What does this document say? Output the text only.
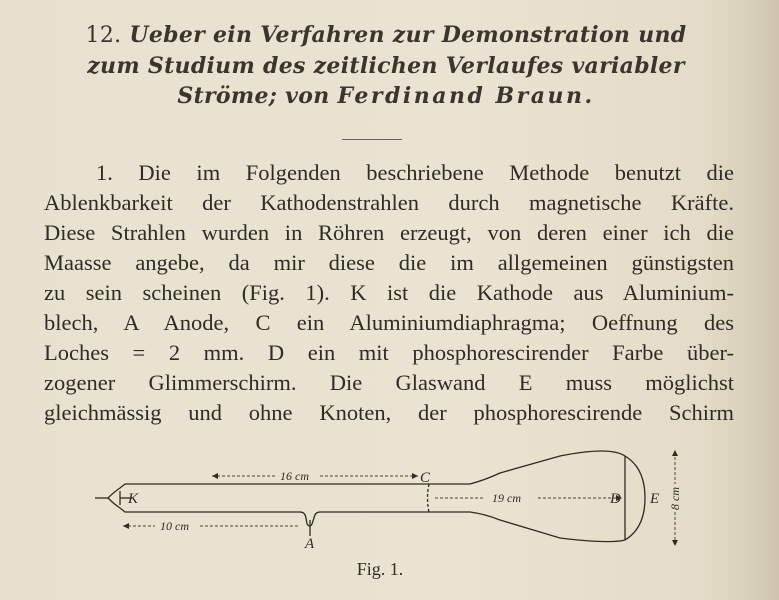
12. Ueber ein Verfahren zur Demonstration und
zum Studium des zeitlichen Verlaufes variabler
Ströme; von Ferdinand Braun.
1. Die im Folgenden beschriebene Methode benutzt die
Ablenkbarkeit der Kathodenstrahlen durch magnetische Kräfte.
Diese Strahlen wurden in Röhren erzeugt, von deren einer ich die
Maasse angebe, da mir diese die im allgemeinen günstigsten
zu sein scheinen (Fig. 1). K ist die Kathode aus Aluminium-
blech, A Anode, C ein Aluminiumdiaphragma; Oeffnung des
Loches = 2 mm. D ein mit phosphorescirender Farbe über-
zogener Glimmerschirm. Die Glaswand E muss möglichst
gleichmässig und ohne Knoten, der phosphorescirende Schirm
K
A
C
D E
16 cm
10 cm
19 cm	8 cm
Fig. 1.
